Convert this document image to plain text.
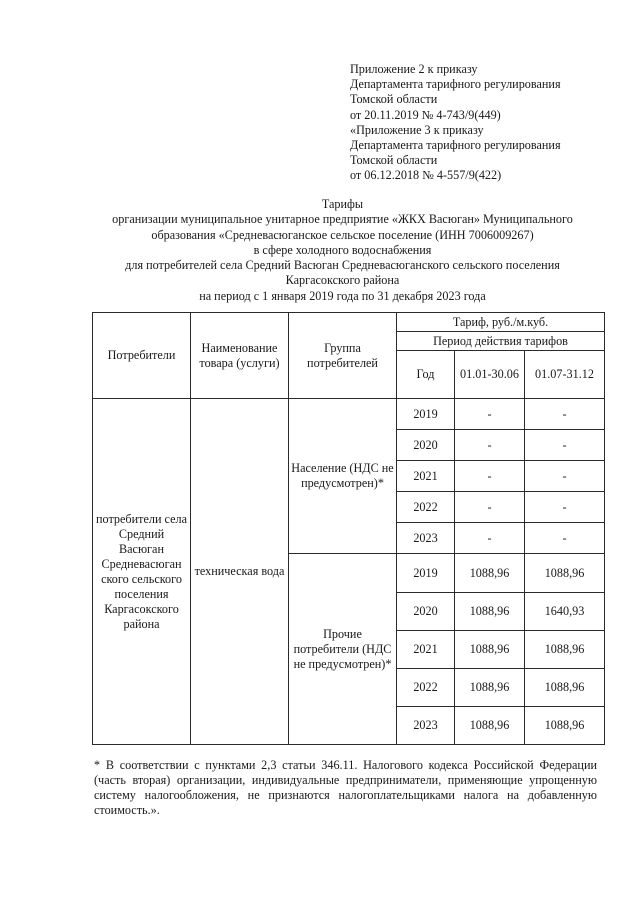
Приложение 2 к приказу
Департамента тарифного регулирования
Томской области
от 20.11.2019 № 4-743/9(449)
«Приложение 3 к приказу
Департамента тарифного регулирования
Томской области
от 06.12.2018 № 4-557/9(422)
Тарифы
организации муниципальное унитарное предприятие «ЖКХ Васюган» Муниципального
образования «Средневасюганское сельское поселение (ИНН 7006009267)
в сфере холодного водоснабжения
для потребителей села Средний Васюган Средневасюганского сельского поселения
Каргасокского района
на период с 1 января 2019 года по 31 декабря 2023 года
Потребители	Наименование товара (услуги)	Группа потребителей	Тариф, руб./м.куб.		
			Период действия тарифов		
			Год	01.01-30.06	01.07-31.12
потребители села Средний Васюган Средневасюган ского сельского поселения Каргасокского района	техническая вода	Население (НДС не предусмотрен)*	2019	-	-
			2020	-	-
			2021	-	-
			2022	-	-
			2023	-	-
		Прочие потребители (НДС не предусмотрен)*	2019	1088,96	1088,96
			2020	1088,96	1640,93
			2021	1088,96	1088,96
			2022	1088,96	1088,96
			2023	1088,96	1088,96
* В соответствии с пунктами 2,3 статьи 346.11. Налогового кодекса Российской Федерации (часть вторая) организации, индивидуальные предприниматели, применяющие упрощенную систему налогообложения, не признаются налогоплательщиками налога на добавленную стоимость.».
